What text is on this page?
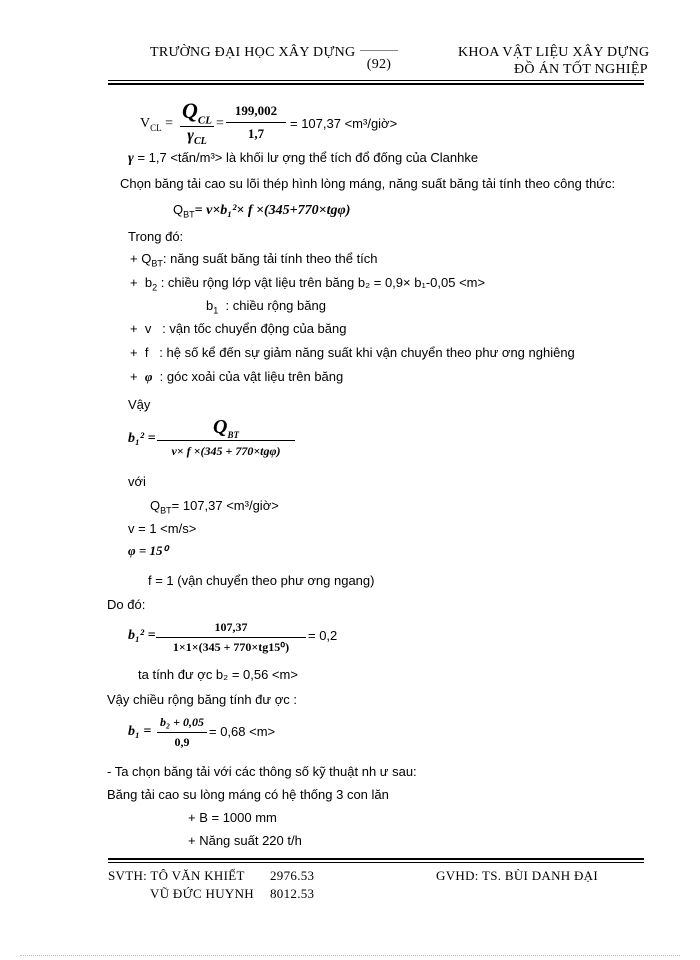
TRƯỜNG ĐẠI HỌC XÂY DỰNG
(92)
KHOA VẬT LIỆU XÂY DỰNG
ĐỒ ÁN TỐT NGHIỆP
$V_{CL}$ =
$Q_{CL}$
$\gamma_{CL}$
=
199,002
1,7
= 107,37 <m³/giờ>
γ = 1,7 <tấn/m³> là khối lư ợng thể tích đổ đống của Clanhke
Chọn băng tải cao su lõi thép hình lòng máng, năng suất băng tải tính theo công thức:
$Q_{BT}= v\times b_1^2\times f \times(345+770\times tg\varphi)$
Trong đó:
+ $Q_{BT}$: năng suất băng tải tính theo thể tích
+ $b_2$ : chiều rộng lớp vật liệu trên băng b₂ = 0,9× b₁-0,05 <m>
$b_1$ : chiều rộng băng
+ v : vận tốc chuyển động của băng
+ f : hệ số kể đến sự giảm năng suất khi vận chuyển theo phư ơng nghiêng
+ φ : góc xoải của vật liệu trên băng
Vậy
b₁² =
$Q_{BT}$
v× f ×(345 + 770×tgφ)
với
$Q_{BT}= 107,37$ <m³/giờ>
v = 1 <m/s>
φ = 15⁰
f = 1 (vận chuyển theo phư ơng ngang)
Do đó:
b₁² =
107,37
1×1×(345 + 770×tg15⁰)
= 0,2
ta tính đư ợc b₂ = 0,56 <m>
Vậy chiều rộng băng tính đư ợc :
b₁ =
b₂ + 0,05
0,9
= 0,68 <m>
- Ta chọn băng tải với các thông số kỹ thuật nh ư sau:
Băng tải cao su lòng máng có hệ thống 3 con lăn
+ B = 1000 mm
+ Năng suất 220 t/h
SVTH: TÔ VĂN KHIẾT 2976.53
VŨ ĐỨC HUYNH 8012.53
GVHD: TS. BÙI DANH ĐẠI
